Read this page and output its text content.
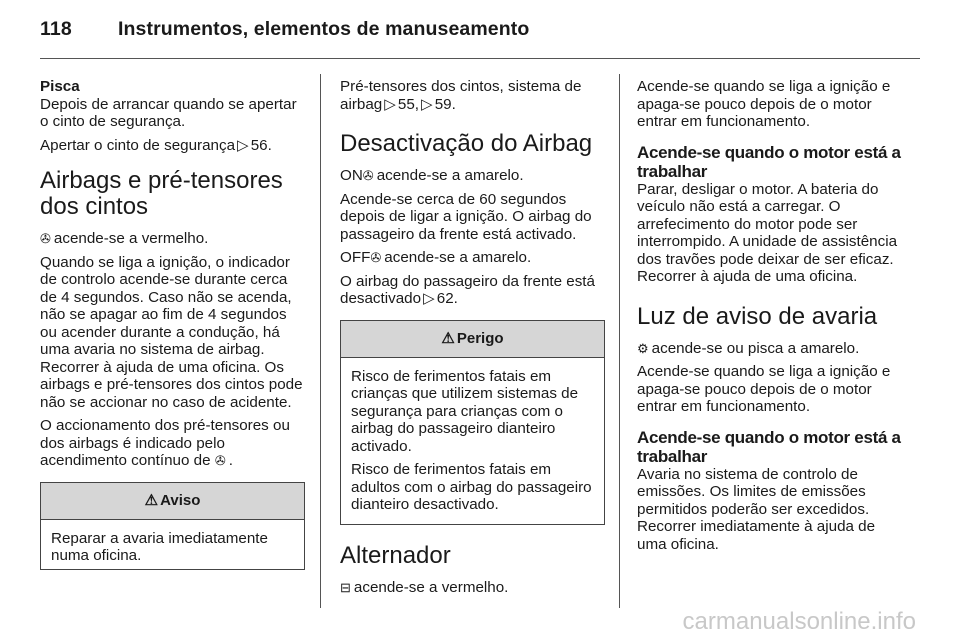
118 Instrumentos, elementos de manuseamento
Pisca

Depois de arrancar quando se apertar o cinto de segurança.

Apertar o cinto de segurança ▷ 56.

Airbags e pré-tensores dos cintos

✇ acende-se a vermelho.

Quando se liga a ignição, o indicador de controlo acende-se durante cerca de 4 segundos. Caso não se acenda, não se apagar ao fim de 4 segundos ou acender durante a condução, há uma avaria no sistema de airbag. Recorrer à ajuda de uma oficina. Os airbags e pré-tensores dos cintos pode não se accionar no caso de acidente.

O accionamento dos pré-tensores ou dos airbags é indicado pelo acendimento contínuo de ✇ .

⚠ Aviso
Reparar a avaria imediatamente numa oficina.

Pré-tensores dos cintos, sistema de airbag ▷ 55, ▷ 59.

Desactivação do Airbag

ON✇ acende-se a amarelo.

Acende-se cerca de 60 segundos depois de ligar a ignição. O airbag do passageiro da frente está activado.

OFF✇ acende-se a amarelo.

O airbag do passageiro da frente está desactivado ▷ 62.

⚠ Perigo

Risco de ferimentos fatais em crianças que utilizem sistemas de segurança para crianças com o airbag do passageiro dianteiro activado.

Risco de ferimentos fatais em adultos com o airbag do passageiro dianteiro desactivado.

Alternador

⊟ acende-se a vermelho.

Acende-se quando se liga a ignição e apaga-se pouco depois de o motor entrar em funcionamento.

Acende-se quando o motor está a trabalhar

Parar, desligar o motor. A bateria do veículo não está a carregar. O arrefecimento do motor pode ser interrompido. A unidade de assistência dos travões pode deixar de ser eficaz. Recorrer à ajuda de uma oficina.

Luz de aviso de avaria

⚙ acende-se ou pisca a amarelo.

Acende-se quando se liga a ignição e apaga-se pouco depois de o motor entrar em funcionamento.

Acende-se quando o motor está a trabalhar

Avaria no sistema de controlo de emissões. Os limites de emissões permitidos poderão ser excedidos. Recorrer imediatamente à ajuda de uma oficina.

carmanualsonline.info
